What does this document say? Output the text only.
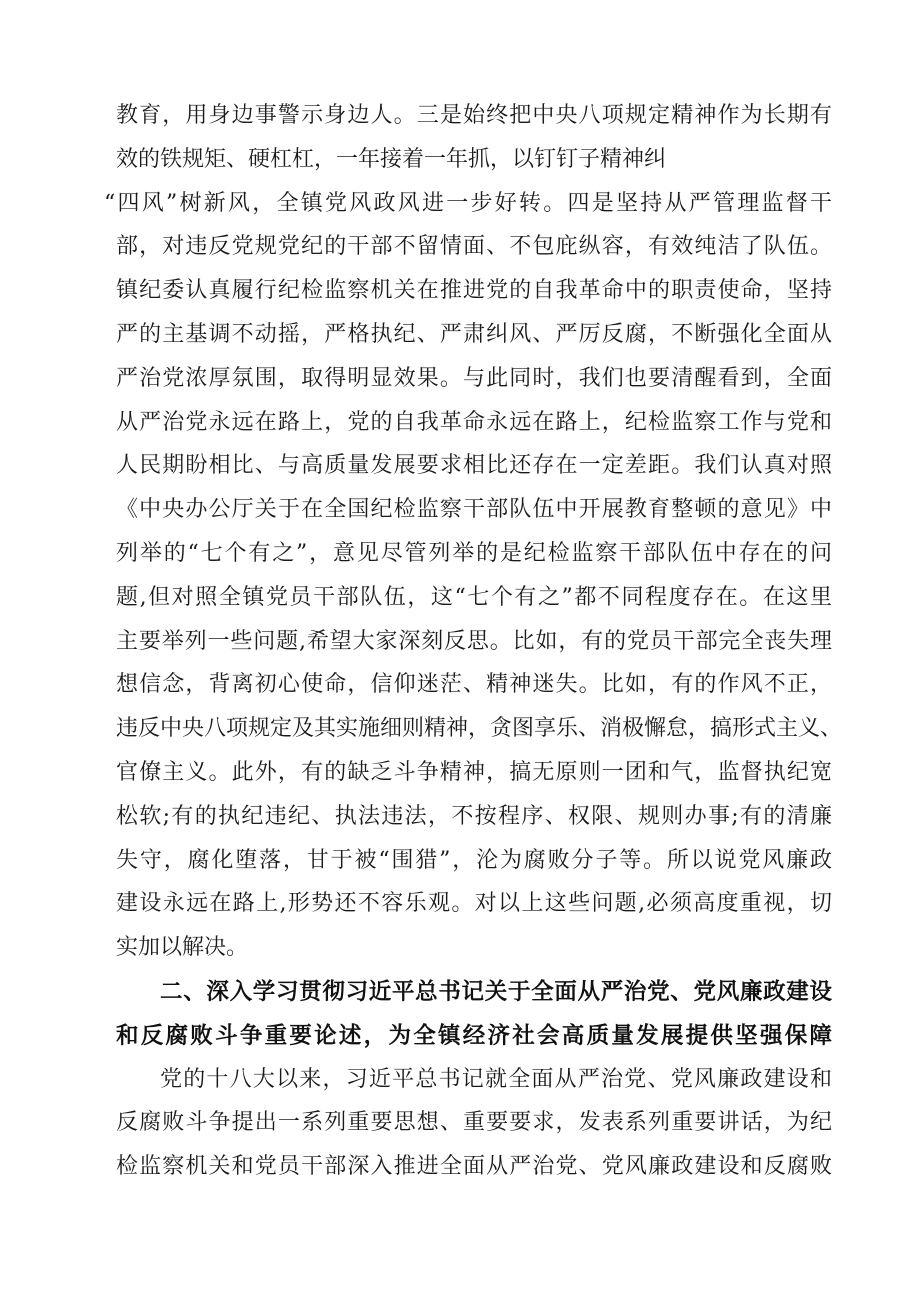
教育，用身边事警示身边人。三是始终把中央八项规定精神作为长期有
效的铁规矩、硬杠杠，一年接着一年抓，以钉钉子精神纠
“四风”树新风，全镇党风政风进一步好转。四是坚持从严管理监督干
部，对违反党规党纪的干部不留情面、不包庇纵容，有效纯洁了队伍。
镇纪委认真履行纪检监察机关在推进党的自我革命中的职责使命，坚持
严的主基调不动摇，严格执纪、严肃纠风、严厉反腐，不断强化全面从
严治党浓厚氛围，取得明显效果。与此同时，我们也要清醒看到，全面
从严治党永远在路上，党的自我革命永远在路上，纪检监察工作与党和
人民期盼相比、与高质量发展要求相比还存在一定差距。我们认真对照
《中央办公厅关于在全国纪检监察干部队伍中开展教育整顿的意见》中
列举的“七个有之”，意见尽管列举的是纪检监察干部队伍中存在的问
题,但对照全镇党员干部队伍，这“七个有之”都不同程度存在。在这里
主要举列一些问题,希望大家深刻反思。比如，有的党员干部完全丧失理
想信念，背离初心使命，信仰迷茫、精神迷失。比如，有的作风不正，
违反中央八项规定及其实施细则精神，贪图享乐、消极懈怠，搞形式主义、
官僚主义。此外，有的缺乏斗争精神，搞无原则一团和气，监督执纪宽
松软;有的执纪违纪、执法违法，不按程序、权限、规则办事;有的清廉
失守，腐化堕落，甘于被“围猎”，沦为腐败分子等。所以说党风廉政
建设永远在路上,形势还不容乐观。对以上这些问题,必须高度重视，切
实加以解决。
二、深入学习贯彻习近平总书记关于全面从严治党、党风廉政建设
和反腐败斗争重要论述，为全镇经济社会高质量发展提供坚强保障
党的十八大以来，习近平总书记就全面从严治党、党风廉政建设和
反腐败斗争提出一系列重要思想、重要要求，发表系列重要讲话，为纪
检监察机关和党员干部深入推进全面从严治党、党风廉政建设和反腐败
